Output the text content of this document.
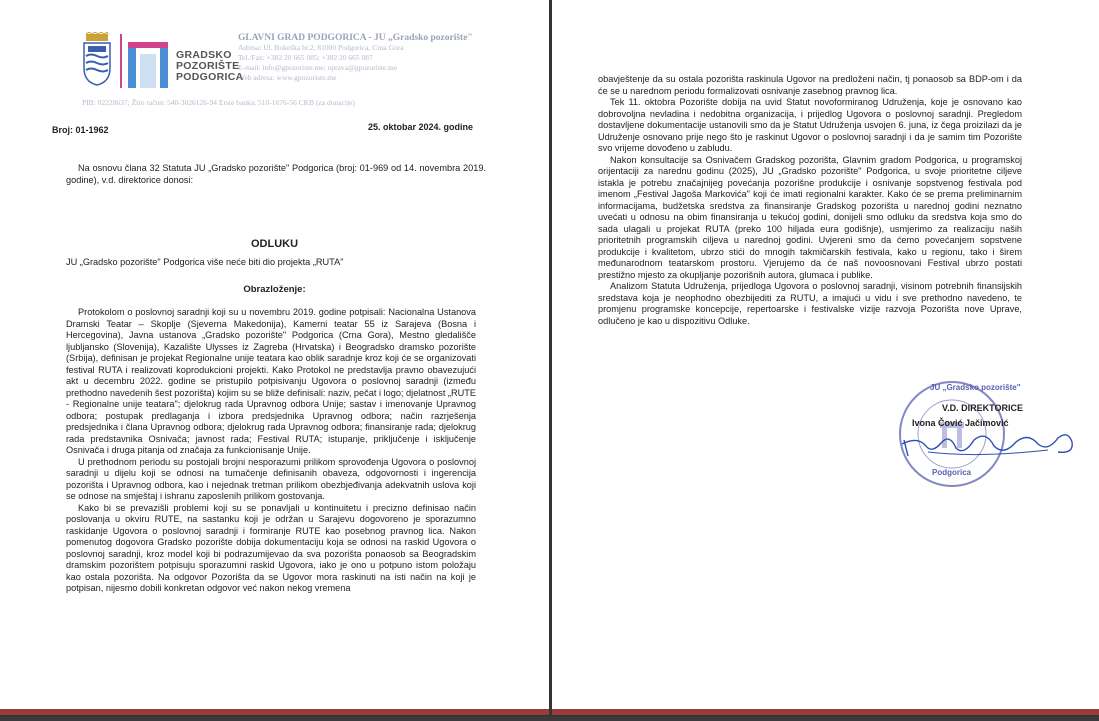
GRADSKO
POZORIŠTE
PODGORICA
GLAVNI GRAD PODGORICA - JU „Gradsko pozorište"
Adresa: Ul. Bokeška br.2, 81000 Podgorica, Crna Gora
Tel./Fax: +382 20 665 085; +382 20 665 087
E-mail: info@gpozoriste.me; uprava@gpozoriste.me
Web adresa: www.gpozoriste.me
PIB: 02228637; Žiro račun: 540-3026126-94 Erste banka; 510-1676-56 CKB (za donacije)
Broj: 01-1962	25. oktobar 2024. godine

Na osnovu člana 32 Statuta JU „Gradsko pozorište" Podgorica (broj: 01-969 od 14. novembra 2019. godine), v.d. direktorice donosi:

ODLUKU

JU „Gradsko pozorište" Podgorica više neće biti dio projekta „RUTA"

Obrazloženje:

Protokolom o poslovnoj saradnji koji su u novembru 2019. godine potpisali: Nacionalna Ustanova Dramski Teatar – Skoplje (Sjeverna Makedonija), Kamerni teatar 55 iz Sarajeva (Bosna i Hercegovina), Javna ustanova „Gradsko pozorište" Podgorica (Crna Gora), Mestno gledališče ljubljansko (Slovenija), Kazalište Ulysses iz Zagreba (Hrvatska) i Beogradsko dramsko pozorište (Srbija), definisan je projekat Regionalne unije teatara kao oblik saradnje kroz koji će se organizovati festival RUTA i realizovati koprodukcioni projekti. Kako Protokol ne predstavlja pravno obavezujući akt u decembru 2022. godine se pristupilo potpisivanju Ugovora o poslovnoj saradnji (između prethodno navedenih šest pozorišta) kojim su se bliže definisali: naziv, pečat i logo; djelatnost „RUTE - Regionalne unije teatara"; djelokrug rada Upravnog odbora Unije; sastav i imenovanje Upravnog odbora; postupak predlaganja i izbora predsjednika Upravnog odbora; način razrješenja predsjednika i člana Upravnog odbora; djelokrug rada Upravnog odbora; finansiranje rada; djelokrug rada predstavnika Osnivača; javnost rada; Festival RUTA; istupanje, priključenje i isključenje Osnivača i druga pitanja od značaja za funkcionisanje Unije.

U prethodnom periodu su postojali brojni nesporazumi prilikom sprovođenja Ugovora o poslovnoj saradnji u dijelu koji se odnosi na tumačenje definisanih obaveza, odgovornosti i ingerencija pozorišta i Upravnog odbora, kao i nejednak tretman prilikom obezbjeđivanja adekvatnih uslova koji se odnose na smještaj i ishranu zaposlenih prilikom gostovanja.

Kako bi se prevazišli problemi koji su se ponavljali u kontinuitetu i precizno definisao način poslovanja u okviru RUTE, na sastanku koji je održan u Sarajevu dogovoreno je sporazumno raskidanje Ugovora o poslovnoj saradnji i formiranje RUTE kao posebnog pravnog lica. Nakon pomenutog dogovora Gradsko pozorište dobija dokumentaciju koja se odnosi na raskid Ugovora o poslovnoj saradnji, kroz model koji bi podrazumijevao da sva pozorišta ponaosob sa Beogradskim dramskim pozorištem potpisuju sporazumni raskid Ugovora, iako je ono u potpuno istom položaju kao ostala pozorišta. Na odgovor Pozorišta da se Ugovor mora raskinuti na isti način na koji je potpisan, nijesmo dobili konkretan odgovor već nakon nekog vremena

obavještenje da su ostala pozorišta raskinula Ugovor na predloženi način, tj ponaosob sa BDP-om i da će se u narednom periodu formalizovati osnivanje zasebnog pravnog lica.

Tek 11. oktobra Pozorište dobija na uvid Statut novoformiranog Udruženja, koje je osnovano kao dobrovoljna nevladina i nedobitna organizacija, i prijedlog Ugovora o poslovnoj saradnji. Pregledom dostavljene dokumentacije ustanovili smo da je Statut Udruženja usvojen 6. juna, iz čega proizilazi da je Udruženje osnovano prije nego što je raskinut Ugovor o poslovnoj saradnji i da je samim tim Pozorište svo vrijeme dovođeno u zabludu.

Nakon konsultacije sa Osnivačem Gradskog pozorišta, Glavnim gradom Podgorica, u programskoj orijentaciji za narednu godinu (2025), JU „Gradsko pozorište" Podgorica, u svoje prioritetne ciljeve istakla je potrebu značajnijeg povećanja pozorišne produkcije i osnivanje sopstvenog festivala pod imenom „Festival Jagoša Markovića" koji će imati regionalni karakter. Kako će se prema preliminarnim informacijama, budžetska sredstva za finansiranje Gradskog pozorišta u narednoj godini neznatno uvećati u odnosu na obim finansiranja u tekućoj godini, donijeli smo odluku da sredstva koja smo do sada ulagali u projekat RUTA (preko 100 hiljada eura godišnje), usmjerimo za realizaciju naših prioritetnih programskih ciljeva u narednoj godini. Uvjereni smo da ćemo povećanjem sopstvene produkcije i kvalitetom, ubrzo stići do mnogih takmičarskih festivala, kako u regionu, tako i širem međunarodnom teatarskom prostoru. Vjerujemo da će naš novoosnovani Festival ubrzo postati prestižno mjesto za okupljanje pozorišnih autora, glumaca i publike.

Analizom Statuta Udruženja, prijedloga Ugovora o poslovnoj saradnji, visinom potrebnih finansijskih sredstava koja je neophodno obezbijediti za RUTU, a imajući u vidu i sve prethodno navedeno, te promjenu programske koncepcije, repertoarske i festivalske vizije razvoja Pozorišta nove Uprave, odlučeno je kao u dispozitivu Odluke.

JU „Gradsko pozorište"
Podgorica
V.D. DIREKTORICE
Ivona Čović Jačimović
